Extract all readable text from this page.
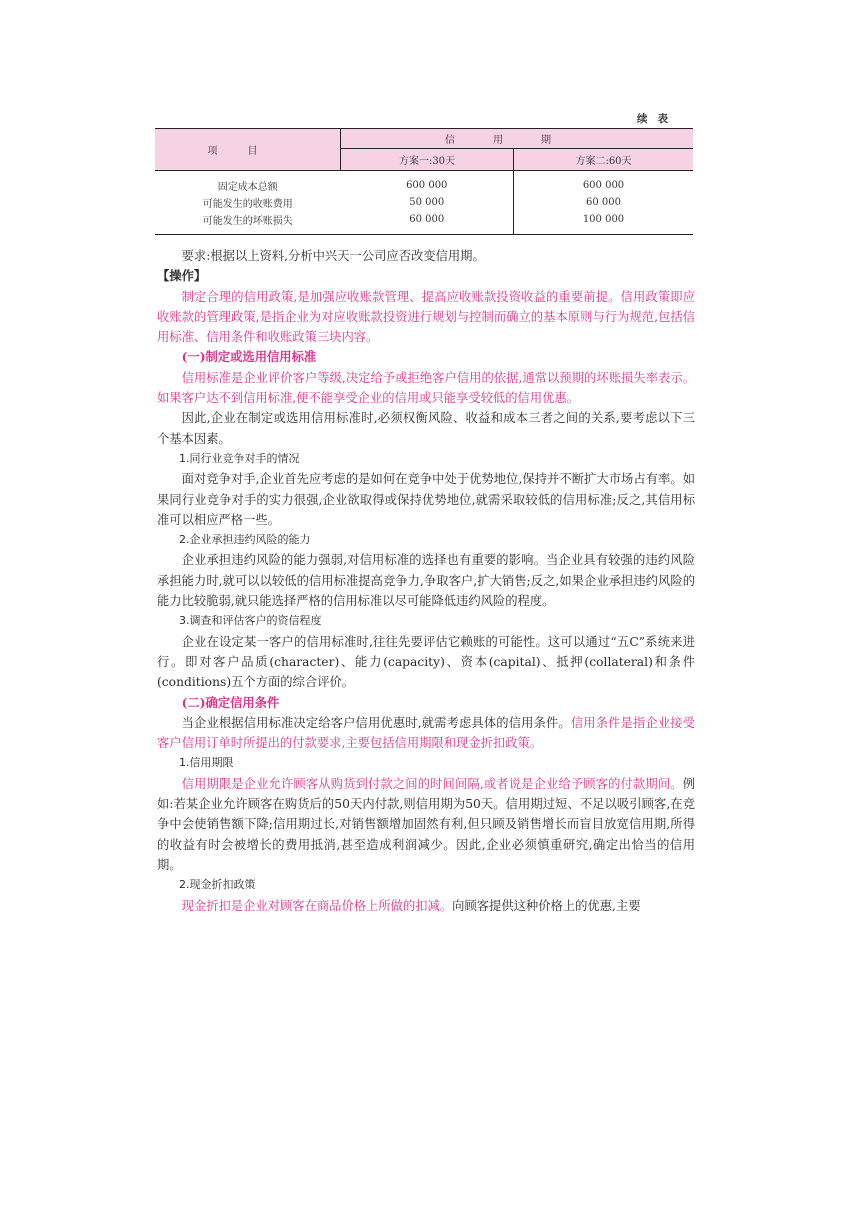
续表
项目	信用期	
	方案一:30天	方案二:60天
固定成本总额	600 000	600 000
可能发生的收账费用	50 000	60 000
可能发生的坏账损失	60 000	100 000

要求:根据以上资料,分析中兴天一公司应否改变信用期。

【操作】

制定合理的信用政策,是加强应收账款管理、提高应收账款投资收益的重要前提。信用政策即应收账款的管理政策,是指企业为对应收账款投资进行规划与控制而确立的基本原则与行为规范,包括信用标准、信用条件和收账政策三块内容。

(一)制定或选用信用标准

信用标准是企业评价客户等级,决定给予或拒绝客户信用的依据,通常以预期的坏账损失率表示。如果客户达不到信用标准,便不能享受企业的信用或只能享受较低的信用优惠。

因此,企业在制定或选用信用标准时,必须权衡风险、收益和成本三者之间的关系,要考虑以下三个基本因素。

1.同行业竞争对手的情况

面对竞争对手,企业首先应考虑的是如何在竞争中处于优势地位,保持并不断扩大市场占有率。如果同行业竞争对手的实力很强,企业欲取得或保持优势地位,就需采取较低的信用标准;反之,其信用标准可以相应严格一些。

2.企业承担违约风险的能力

企业承担违约风险的能力强弱,对信用标准的选择也有重要的影响。当企业具有较强的违约风险承担能力时,就可以以较低的信用标准提高竞争力,争取客户,扩大销售;反之,如果企业承担违约风险的能力比较脆弱,就只能选择严格的信用标准以尽可能降低违约风险的程度。

3.调查和评估客户的资信程度

企业在设定某一客户的信用标准时,往往先要评估它赖账的可能性。这可以通过“五C”系统来进行。即对客户品质(character)、能力(capacity)、资本(capital)、抵押(collateral)和条件(conditions)五个方面的综合评价。

(二)确定信用条件

当企业根据信用标准决定给客户信用优惠时,就需考虑具体的信用条件。信用条件是指企业接受客户信用订单时所提出的付款要求,主要包括信用期限和现金折扣政策。

1.信用期限

信用期限是企业允许顾客从购货到付款之间的时间间隔,或者说是企业给予顾客的付款期间。例如:若某企业允许顾客在购货后的50天内付款,则信用期为50天。信用期过短、不足以吸引顾客,在竞争中会使销售额下降;信用期过长,对销售额增加固然有利,但只顾及销售增长而盲目放宽信用期,所得的收益有时会被增长的费用抵消,甚至造成利润减少。因此,企业必须慎重研究,确定出恰当的信用期。

2.现金折扣政策

现金折扣是企业对顾客在商品价格上所做的扣减。向顾客提供这种价格上的优惠,主要
